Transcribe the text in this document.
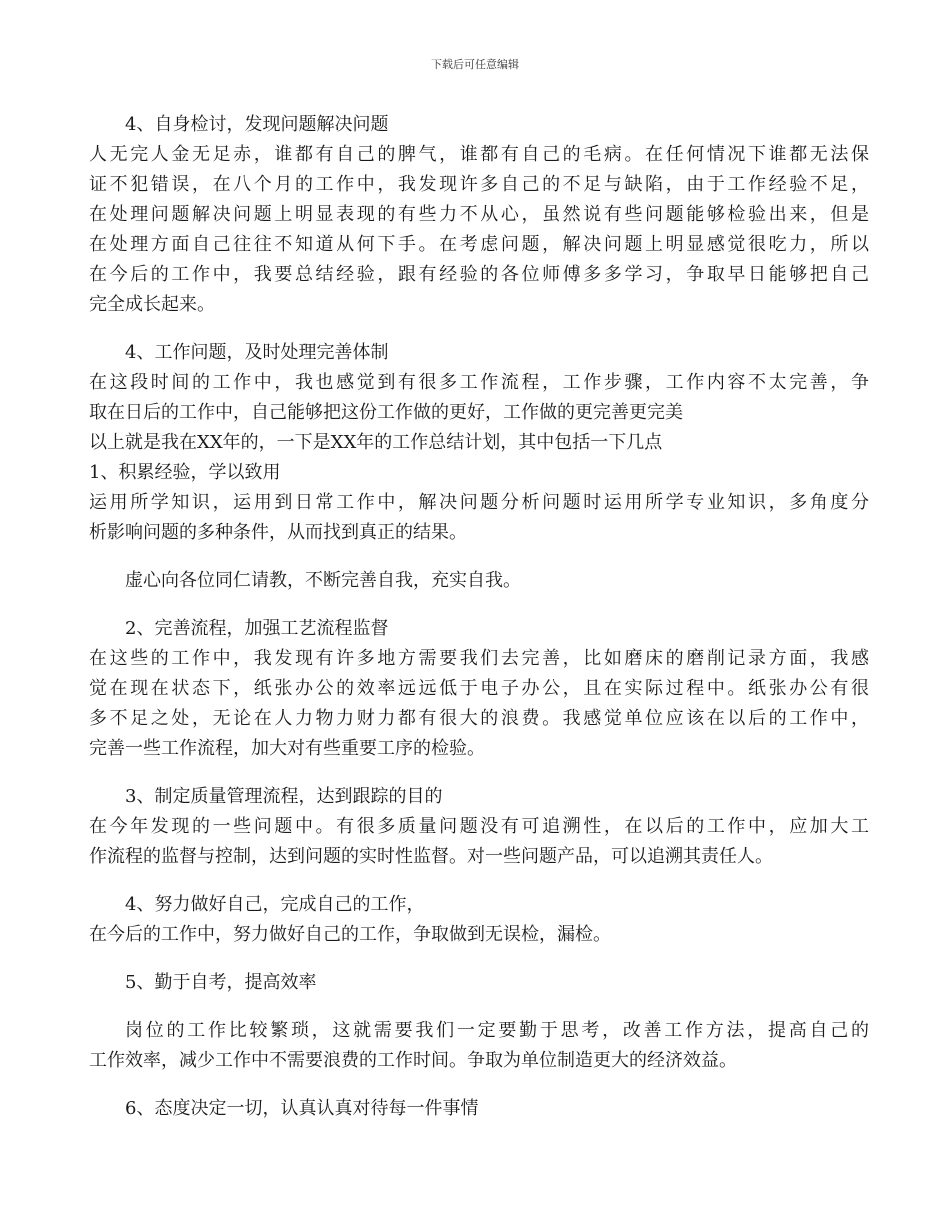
下载后可任意编辑
4、自身检讨，发现问题解决问题
人无完人金无足赤，谁都有自己的脾气，谁都有自己的毛病。在任何情况下谁都无法保
证不犯错误，在八个月的工作中，我发现许多自己的不足与缺陷，由于工作经验不足，
在处理问题解决问题上明显表现的有些力不从心，虽然说有些问题能够检验出来，但是
在处理方面自己往往不知道从何下手。在考虑问题，解决问题上明显感觉很吃力，所以
在今后的工作中，我要总结经验，跟有经验的各位师傅多多学习，争取早日能够把自己
完全成长起来。
4、工作问题，及时处理完善体制
在这段时间的工作中，我也感觉到有很多工作流程，工作步骤，工作内容不太完善，争
取在日后的工作中，自己能够把这份工作做的更好，工作做的更完善更完美
以上就是我在XX年的，一下是XX年的工作总结计划，其中包括一下几点
1、积累经验，学以致用
运用所学知识，运用到日常工作中，解决问题分析问题时运用所学专业知识，多角度分
析影响问题的多种条件，从而找到真正的结果。
虚心向各位同仁请教，不断完善自我，充实自我。
2、完善流程，加强工艺流程监督
在这些的工作中，我发现有许多地方需要我们去完善，比如磨床的磨削记录方面，我感
觉在现在状态下，纸张办公的效率远远低于电子办公，且在实际过程中。纸张办公有很
多不足之处，无论在人力物力财力都有很大的浪费。我感觉单位应该在以后的工作中，
完善一些工作流程，加大对有些重要工序的检验。
3、制定质量管理流程，达到跟踪的目的
在今年发现的一些问题中。有很多质量问题没有可追溯性，在以后的工作中，应加大工
作流程的监督与控制，达到问题的实时性监督。对一些问题产品，可以追溯其责任人。
4、努力做好自己，完成自己的工作，
在今后的工作中，努力做好自己的工作，争取做到无误检，漏检。
5、勤于自考，提高效率
岗位的工作比较繁琐，这就需要我们一定要勤于思考，改善工作方法，提高自己的
工作效率，减少工作中不需要浪费的工作时间。争取为单位制造更大的经济效益。
6、态度决定一切，认真认真对待每一件事情
